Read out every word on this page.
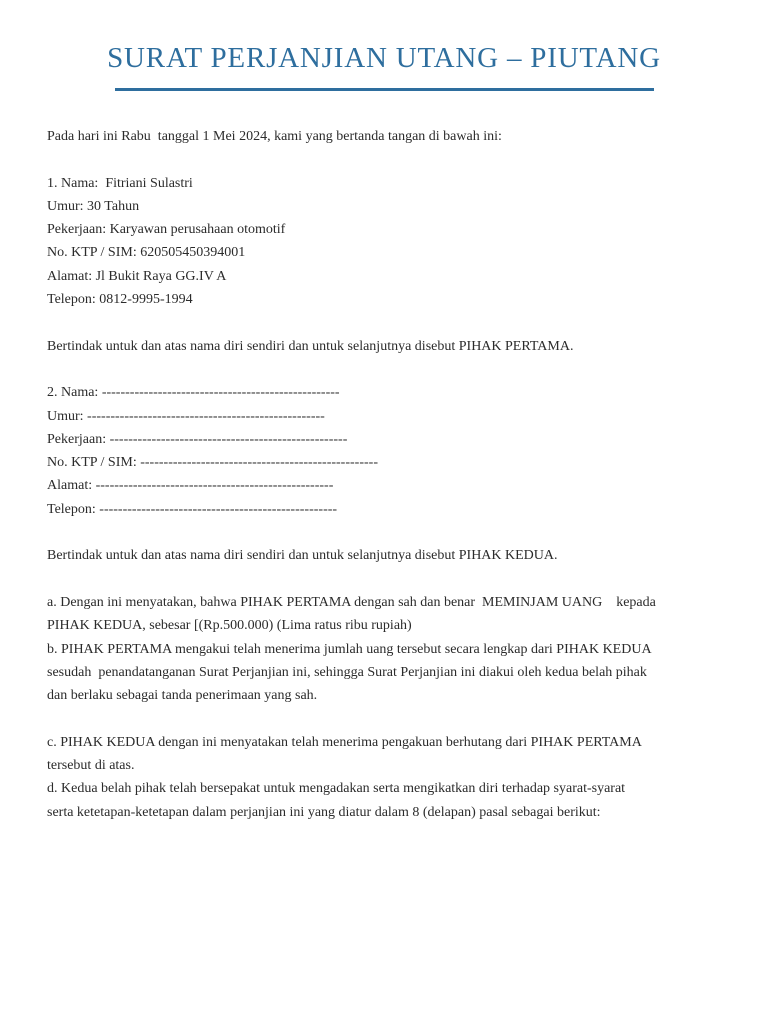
SURAT PERJANJIAN UTANG – PIUTANG
Pada hari ini Rabu  tanggal 1 Mei 2024, kami yang bertanda tangan di bawah ini:
1. Nama:  Fitriani Sulastri
Umur: 30 Tahun
Pekerjaan: Karyawan perusahaan otomotif
No. KTP / SIM: 620505450394001
Alamat: Jl Bukit Raya GG.IV A
Telepon: 0812-9995-1994
Bertindak untuk dan atas nama diri sendiri dan untuk selanjutnya disebut PIHAK PERTAMA.
2. Nama: ---------------------------------------------------
Umur: ---------------------------------------------------
Pekerjaan: ---------------------------------------------------
No. KTP / SIM: ---------------------------------------------------
Alamat: ---------------------------------------------------
Telepon: ---------------------------------------------------
Bertindak untuk dan atas nama diri sendiri dan untuk selanjutnya disebut PIHAK KEDUA.
a. Dengan ini menyatakan, bahwa PIHAK PERTAMA dengan sah dan benar  MEMINJAM UANG    kepada
PIHAK KEDUA, sebesar [(Rp.500.000) (Lima ratus ribu rupiah)
b. PIHAK PERTAMA mengakui telah menerima jumlah uang tersebut secara lengkap dari PIHAK KEDUA
sesudah  penandatanganan Surat Perjanjian ini, sehingga Surat Perjanjian ini diakui oleh kedua belah pihak
dan berlaku sebagai tanda penerimaan yang sah.
c. PIHAK KEDUA dengan ini menyatakan telah menerima pengakuan berhutang dari PIHAK PERTAMA
tersebut di atas.
d. Kedua belah pihak telah bersepakat untuk mengadakan serta mengikatkan diri terhadap syarat-syarat
serta ketetapan-ketetapan dalam perjanjian ini yang diatur dalam 8 (delapan) pasal sebagai berikut:
